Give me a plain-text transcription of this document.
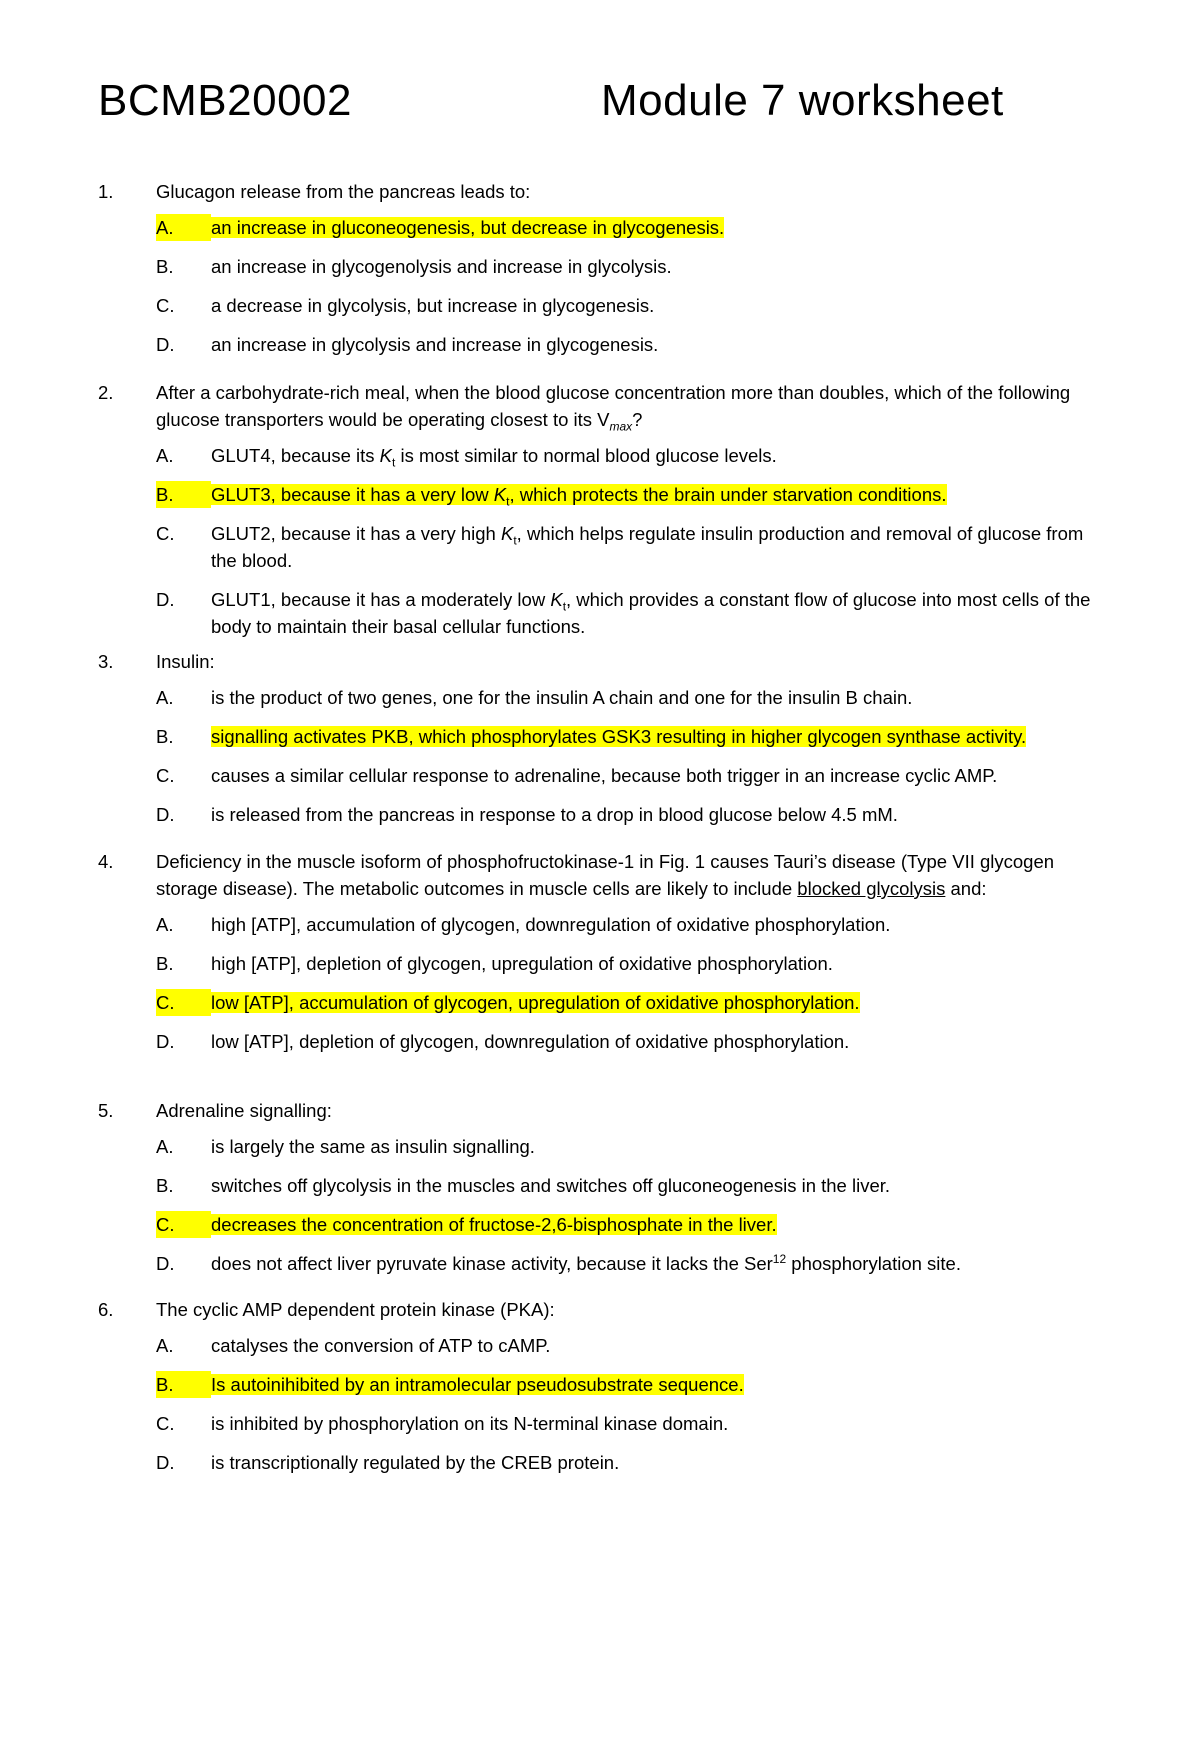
BCMB20002	Module 7 worksheet
1.	Glucagon release from the pancreas leads to:
A.	an increase in gluconeogenesis, but decrease in glycogenesis.
B.	an increase in glycogenolysis and increase in glycolysis.
C.	a decrease in glycolysis, but increase in glycogenesis.
D.	an increase in glycolysis and increase in glycogenesis.
2.	After a carbohydrate-rich meal, when the blood glucose concentration more than doubles, which of the following glucose transporters would be operating closest to its $V_{max}$?
A.	GLUT4, because its $K_t$ is most similar to normal blood glucose levels.
B.	GLUT3, because it has a very low $K_t$, which protects the brain under starvation conditions.
C.	GLUT2, because it has a very high $K_t$, which helps regulate insulin production and removal of glucose from the blood.
D.	GLUT1, because it has a moderately low $K_t$, which provides a constant flow of glucose into most cells of the body to maintain their basal cellular functions.
3.	Insulin:
A.	is the product of two genes, one for the insulin A chain and one for the insulin B chain.
B.	signalling activates PKB, which phosphorylates GSK3 resulting in higher glycogen synthase activity.
C.	causes a similar cellular response to adrenaline, because both trigger in an increase cyclic AMP.
D.	is released from the pancreas in response to a drop in blood glucose below 4.5 mM.
4.	Deficiency in the muscle isoform of phosphofructokinase-1 in Fig. 1 causes Tauri’s disease (Type VII glycogen storage disease). The metabolic outcomes in muscle cells are likely to include blocked glycolysis and:
A.	high [ATP], accumulation of glycogen, downregulation of oxidative phosphorylation.
B.	high [ATP], depletion of glycogen, upregulation of oxidative phosphorylation.
C.	low [ATP], accumulation of glycogen, upregulation of oxidative phosphorylation.
D.	low [ATP], depletion of glycogen, downregulation of oxidative phosphorylation.
5.	Adrenaline signalling:
A.	is largely the same as insulin signalling.
B.	switches off glycolysis in the muscles and switches off gluconeogenesis in the liver.
C.	decreases the concentration of fructose-2,6-bisphosphate in the liver.
D.	does not affect liver pyruvate kinase activity, because it lacks the Ser$^{12}$ phosphorylation site.
6.	The cyclic AMP dependent protein kinase (PKA):
A.	catalyses the conversion of ATP to cAMP.
B.	Is autoinihibited by an intramolecular pseudosubstrate sequence.
C.	is inhibited by phosphorylation on its N-terminal kinase domain.
D.	is transcriptionally regulated by the CREB protein.
